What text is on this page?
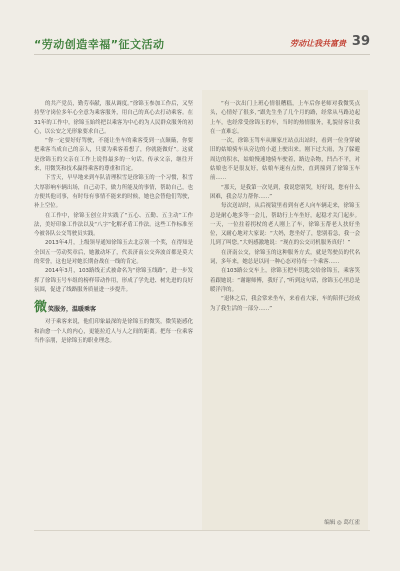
“劳动创造幸福”征文活动	劳动让我共富贵 39

的共产党员，勤劳奉献，服从调度。”徐锦玉参加工作后，又坚持坚守岗位多年心全意为乘客服务，用自己的真心去打动乘客。在31年的工作中，徐锦玉始终把以乘客为中心的为人民群众服务的初心，以公安之光形象要求自己。

“你一定要好好驾驶，不能让坐车的乘客受到一点颠簸，你要把乘客当成自己的亲人，只要为乘客着想了，你就能做好”。这就是徐锦玉的父亲在工作上说得最多的一句话。传承父亲，继往开来，用微笑和技术赢得乘客的尊重和肯定。

下雪天，早早地来到车队清理积雪是徐锦玉的一个习惯，积雪大厚影响车辆出场，自己动手，做力所能及的事情，帮助自己，也方便其他司事，有时每有事情不能来的时候，她也会替他们驾驶，补上空位。

在工作中，徐锦玉创立并实践了“五心、五勤、五主动”工作法，美好印象工作法以及“八字”化解矛盾工作法。这些工作标准至今被各队公交驾驶员实践。

2013年4月，上级领导通知徐锦玉去北京领一个奖，在得知是全国五一劳动奖章后，她激动坏了，代表济南公交奔波首都是莫大的荣誉，这也是对她长期奋战在一线的肯定。

2014年3月，103路线正式被命名为“徐锦玉线路”，进一步发挥了徐锦玉号车组的榜样带动作用，形成了学先进、树先进的良好氛围，促进了线路服务质量进一步提升。

微 笑服务，温暖乘客

对于乘客来说，他们印象最深的是徐锦玉的微笑，微笑能感化和治愈一个人的内心，更能拉近人与人之间的距离。把每一位乘客当作亲朋，是徐锦玉的职业理念。

“有一次出门上班心情很糟糕，上车后你老师对我微笑点头，心情好了很多，”跟先生坐了几个月的路，经常从马路边起上车，也经常受徐锦玉的车，当时的热情服务，礼貌待客让我在一直难忘。

一次，徐锦玉驾车从顺家庄站点出站时，看到一位身穿破旧的姑娘骑车从旁边的小道上驶出来。刚下过大雨，为了躲避周边的积水，姑娘慢速地骑车驶着，路边杂物，凹凸不平，对姑娘也不是很友好，姑娘车速有点快，直到撞到了徐锦玉车前……

“那天，是我第一次见到，我说您别哭，好好说，您有什么困难，我会尽力帮你……”

每次送站时，从后视镜里看到有老人向车辆走来，徐锦玉总是耐心地多等一会儿，帮助行上车坐好，起稳才关门起步。一天，一位拄着拐杖的老人刚上了车，徐锦玉帮老人扶好坐位，又耐心地对大家说：“大妈，您坐好了，您别着急，我一会儿到了叫您。”大妈感激地说：“现在的公交司机服务真好！”

在济南公交，徐锦玉的这种服务方式，就是驾驶员的代名词，多年来，她总是以同一种心态对待每一个乘客……

在103路公交车上，徐锦玉把车钥匙交给徐锦玉，乘客笑着跟她说：“谢谢师傅，我好了，”听到这句话，徐锦玉心里总是暖洋洋的。

“退休之后，我会常来坐车，来看看大家，车的陪伴已经成为了我生活的一部分……”

编辑 ◎ 葛红雀
